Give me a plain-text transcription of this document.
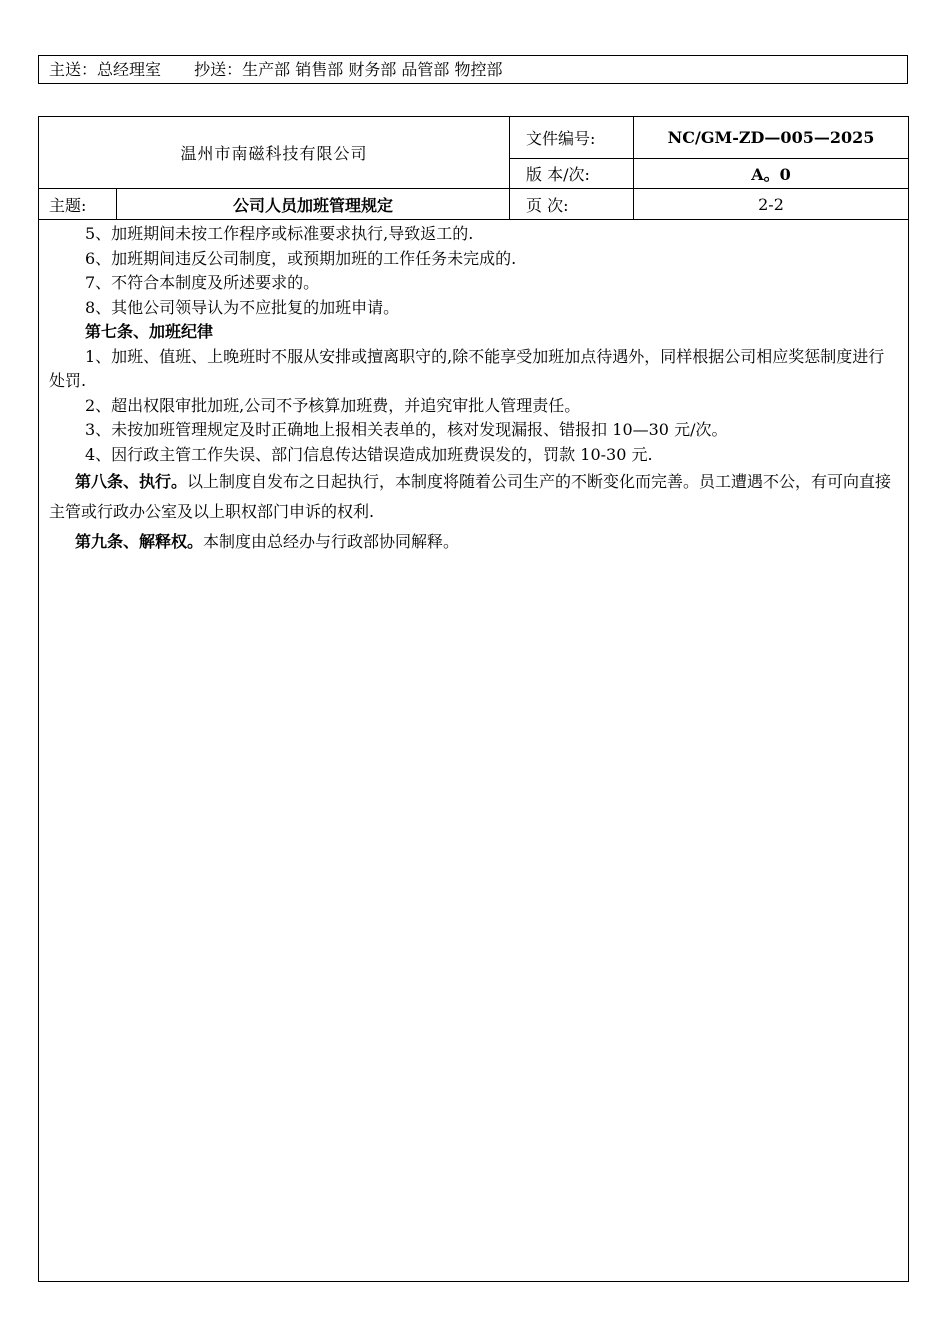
主送：总经理室 抄送：生产部 销售部 财务部 品管部 物控部
温州市南磁科技有限公司		文件编号:	NC/GM-ZD—005—2025
		版 本/次:	A。0
主题:	公司人员加班管理规定	页 次:	2-2

5、加班期间未按工作程序或标准要求执行,导致返工的.

6、加班期间违反公司制度，或预期加班的工作任务未完成的.

7、不符合本制度及所述要求的。

8、其他公司领导认为不应批复的加班申请。

第七条、加班纪律

1、加班、值班、上晚班时不服从安排或擅离职守的,除不能享受加班加点待遇外，同样根据公司相应奖惩制度进行处罚.

2、超出权限审批加班,公司不予核算加班费，并追究审批人管理责任。

3、未按加班管理规定及时正确地上报相关表单的，核对发现漏报、错报扣 10—30 元/次。

4、因行政主管工作失误、部门信息传达错误造成加班费误发的，罚款 10-30 元.

第八条、执行。以上制度自发布之日起执行，本制度将随着公司生产的不断变化而完善。员工遭遇不公，有可向直接主管或行政办公室及以上职权部门申诉的权利.

第九条、解释权。本制度由总经办与行政部协同解释。
